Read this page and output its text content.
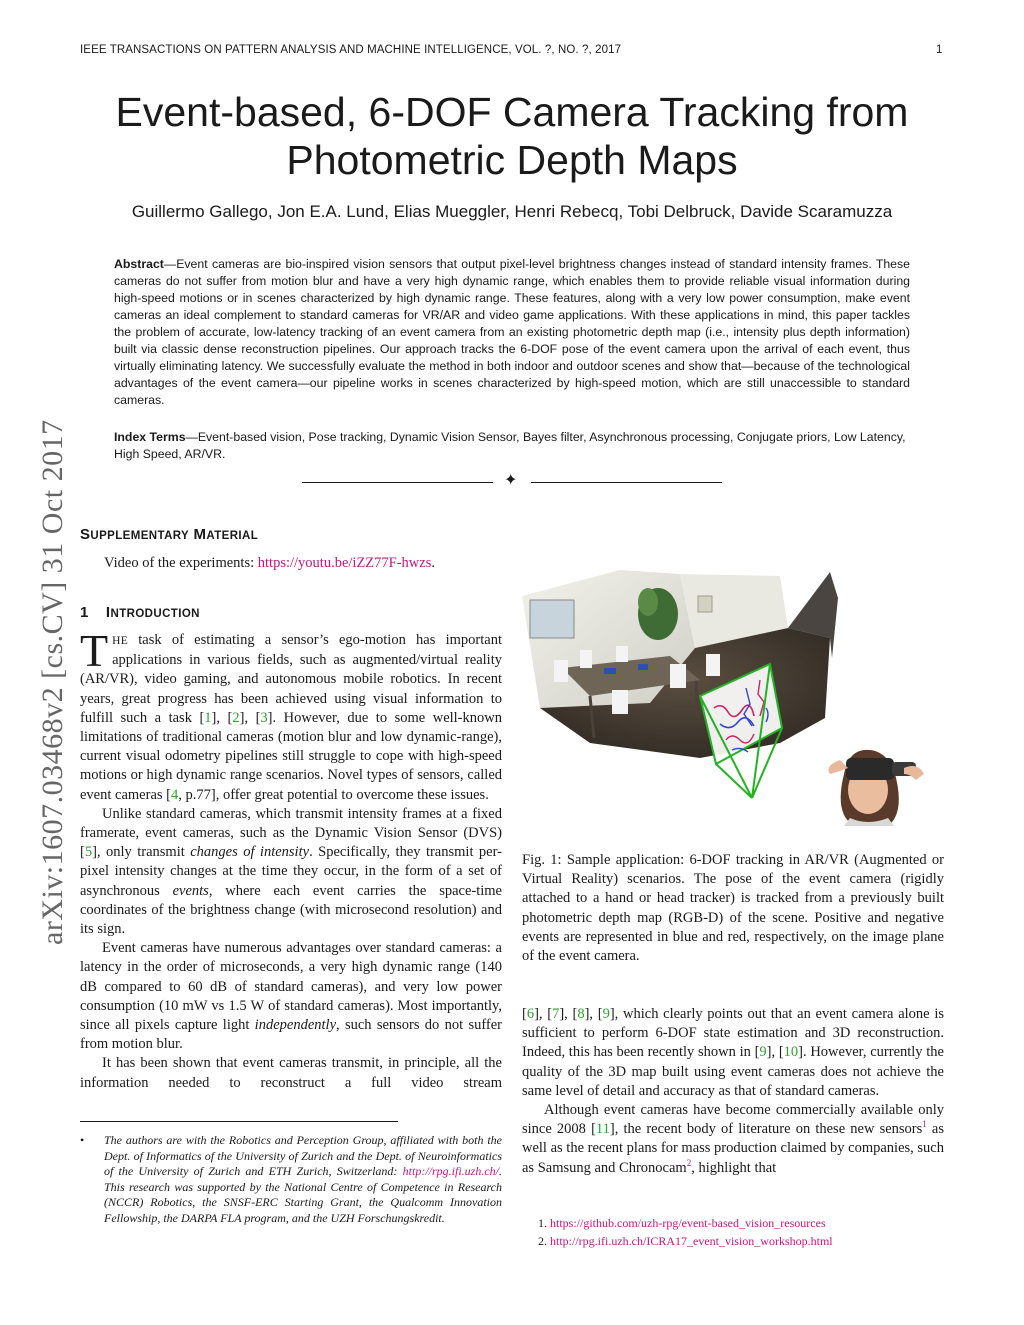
IEEE TRANSACTIONS ON PATTERN ANALYSIS AND MACHINE INTELLIGENCE, VOL. ?, NO. ?, 2017	1
Event-based, 6-DOF Camera Tracking from
Photometric Depth Maps
Guillermo Gallego, Jon E.A. Lund, Elias Mueggler, Henri Rebecq, Tobi Delbruck, Davide Scaramuzza
Abstract—Event cameras are bio-inspired vision sensors that output pixel-level brightness changes instead of standard intensity frames. These cameras do not suffer from motion blur and have a very high dynamic range, which enables them to provide reliable visual information during high-speed motions or in scenes characterized by high dynamic range. These features, along with a very low power consumption, make event cameras an ideal complement to standard cameras for VR/AR and video game applications. With these applications in mind, this paper tackles the problem of accurate, low-latency tracking of an event camera from an existing photometric depth map (i.e., intensity plus depth information) built via classic dense reconstruction pipelines. Our approach tracks the 6-DOF pose of the event camera upon the arrival of each event, thus virtually eliminating latency. We successfully evaluate the method in both indoor and outdoor scenes and show that—because of the technological advantages of the event camera—our pipeline works in scenes characterized by high-speed motion, which are still unaccessible to standard cameras.
Index Terms—Event-based vision, Pose tracking, Dynamic Vision Sensor, Bayes filter, Asynchronous processing, Conjugate priors, Low Latency, High Speed, AR/VR.
✦
arXiv:1607.03468v2 [cs.CV] 31 Oct 2017 SUPPLEMENTARY MATERIAL
Video of the experiments: https://youtu.be/iZZ77F-hwzs.
1 INTRODUCTION

THE task of estimating a sensor’s ego-motion has important applications in various fields, such as augmented/virtual reality (AR/VR), video gaming, and autonomous mobile robotics. In recent years, great progress has been achieved using visual information to fulfill such a task [1], [2], [3]. However, due to some well-known limitations of traditional cameras (motion blur and low dynamic-range), current visual odometry pipelines still struggle to cope with high-speed motions or high dynamic range scenarios. Novel types of sensors, called event cameras [4, p.77], offer great potential to overcome these issues.

Unlike standard cameras, which transmit intensity frames at a fixed framerate, event cameras, such as the Dynamic Vision Sensor (DVS) [5], only transmit changes of intensity. Specifically, they transmit per-pixel intensity changes at the time they occur, in the form of a set of asynchronous events, where each event carries the space-time coordinates of the brightness change (with microsecond resolution) and its sign.

Event cameras have numerous advantages over standard cameras: a latency in the order of microseconds, a very high dynamic range (140 dB compared to 60 dB of standard cameras), and very low power consumption (10 mW vs 1.5 W of standard cameras). Most importantly, since all pixels capture light independently, such sensors do not suffer from motion blur.

It has been shown that event cameras transmit, in principle, all the information needed to reconstruct a full video stream

• The authors are with the Robotics and Perception Group, affiliated with both the Dept. of Informatics of the University of Zurich and the Dept. of Neuroinformatics of the University of Zurich and ETH Zurich, Switzerland: http://rpg.ifi.uzh.ch/. This research was supported by the National Centre of Competence in Research (NCCR) Robotics, the SNSF-ERC Starting Grant, the Qualcomm Innovation Fellowship, the DARPA FLA program, and the UZH Forschungskredit.
Fig. 1: Sample application: 6-DOF tracking in AR/VR (Augmented or Virtual Reality) scenarios. The pose of the event camera (rigidly attached to a hand or head tracker) is tracked from a previously built photometric depth map (RGB-D) of the scene. Positive and negative events are represented in blue and red, respectively, on the image plane of the event camera.

[6], [7], [8], [9], which clearly points out that an event camera alone is sufficient to perform 6-DOF state estimation and 3D reconstruction. Indeed, this has been recently shown in [9], [10]. However, currently the quality of the 3D map built using event cameras does not achieve the same level of detail and accuracy as that of standard cameras.

Although event cameras have become commercially available only since 2008 [11], the recent body of literature on these new sensors$^1$ as well as the recent plans for mass production claimed by companies, such as Samsung and Chronocam$^2$, highlight that

1. https://github.com/uzh-rpg/event-based_vision_resources
2. http://rpg.ifi.uzh.ch/ICRA17_event_vision_workshop.html
